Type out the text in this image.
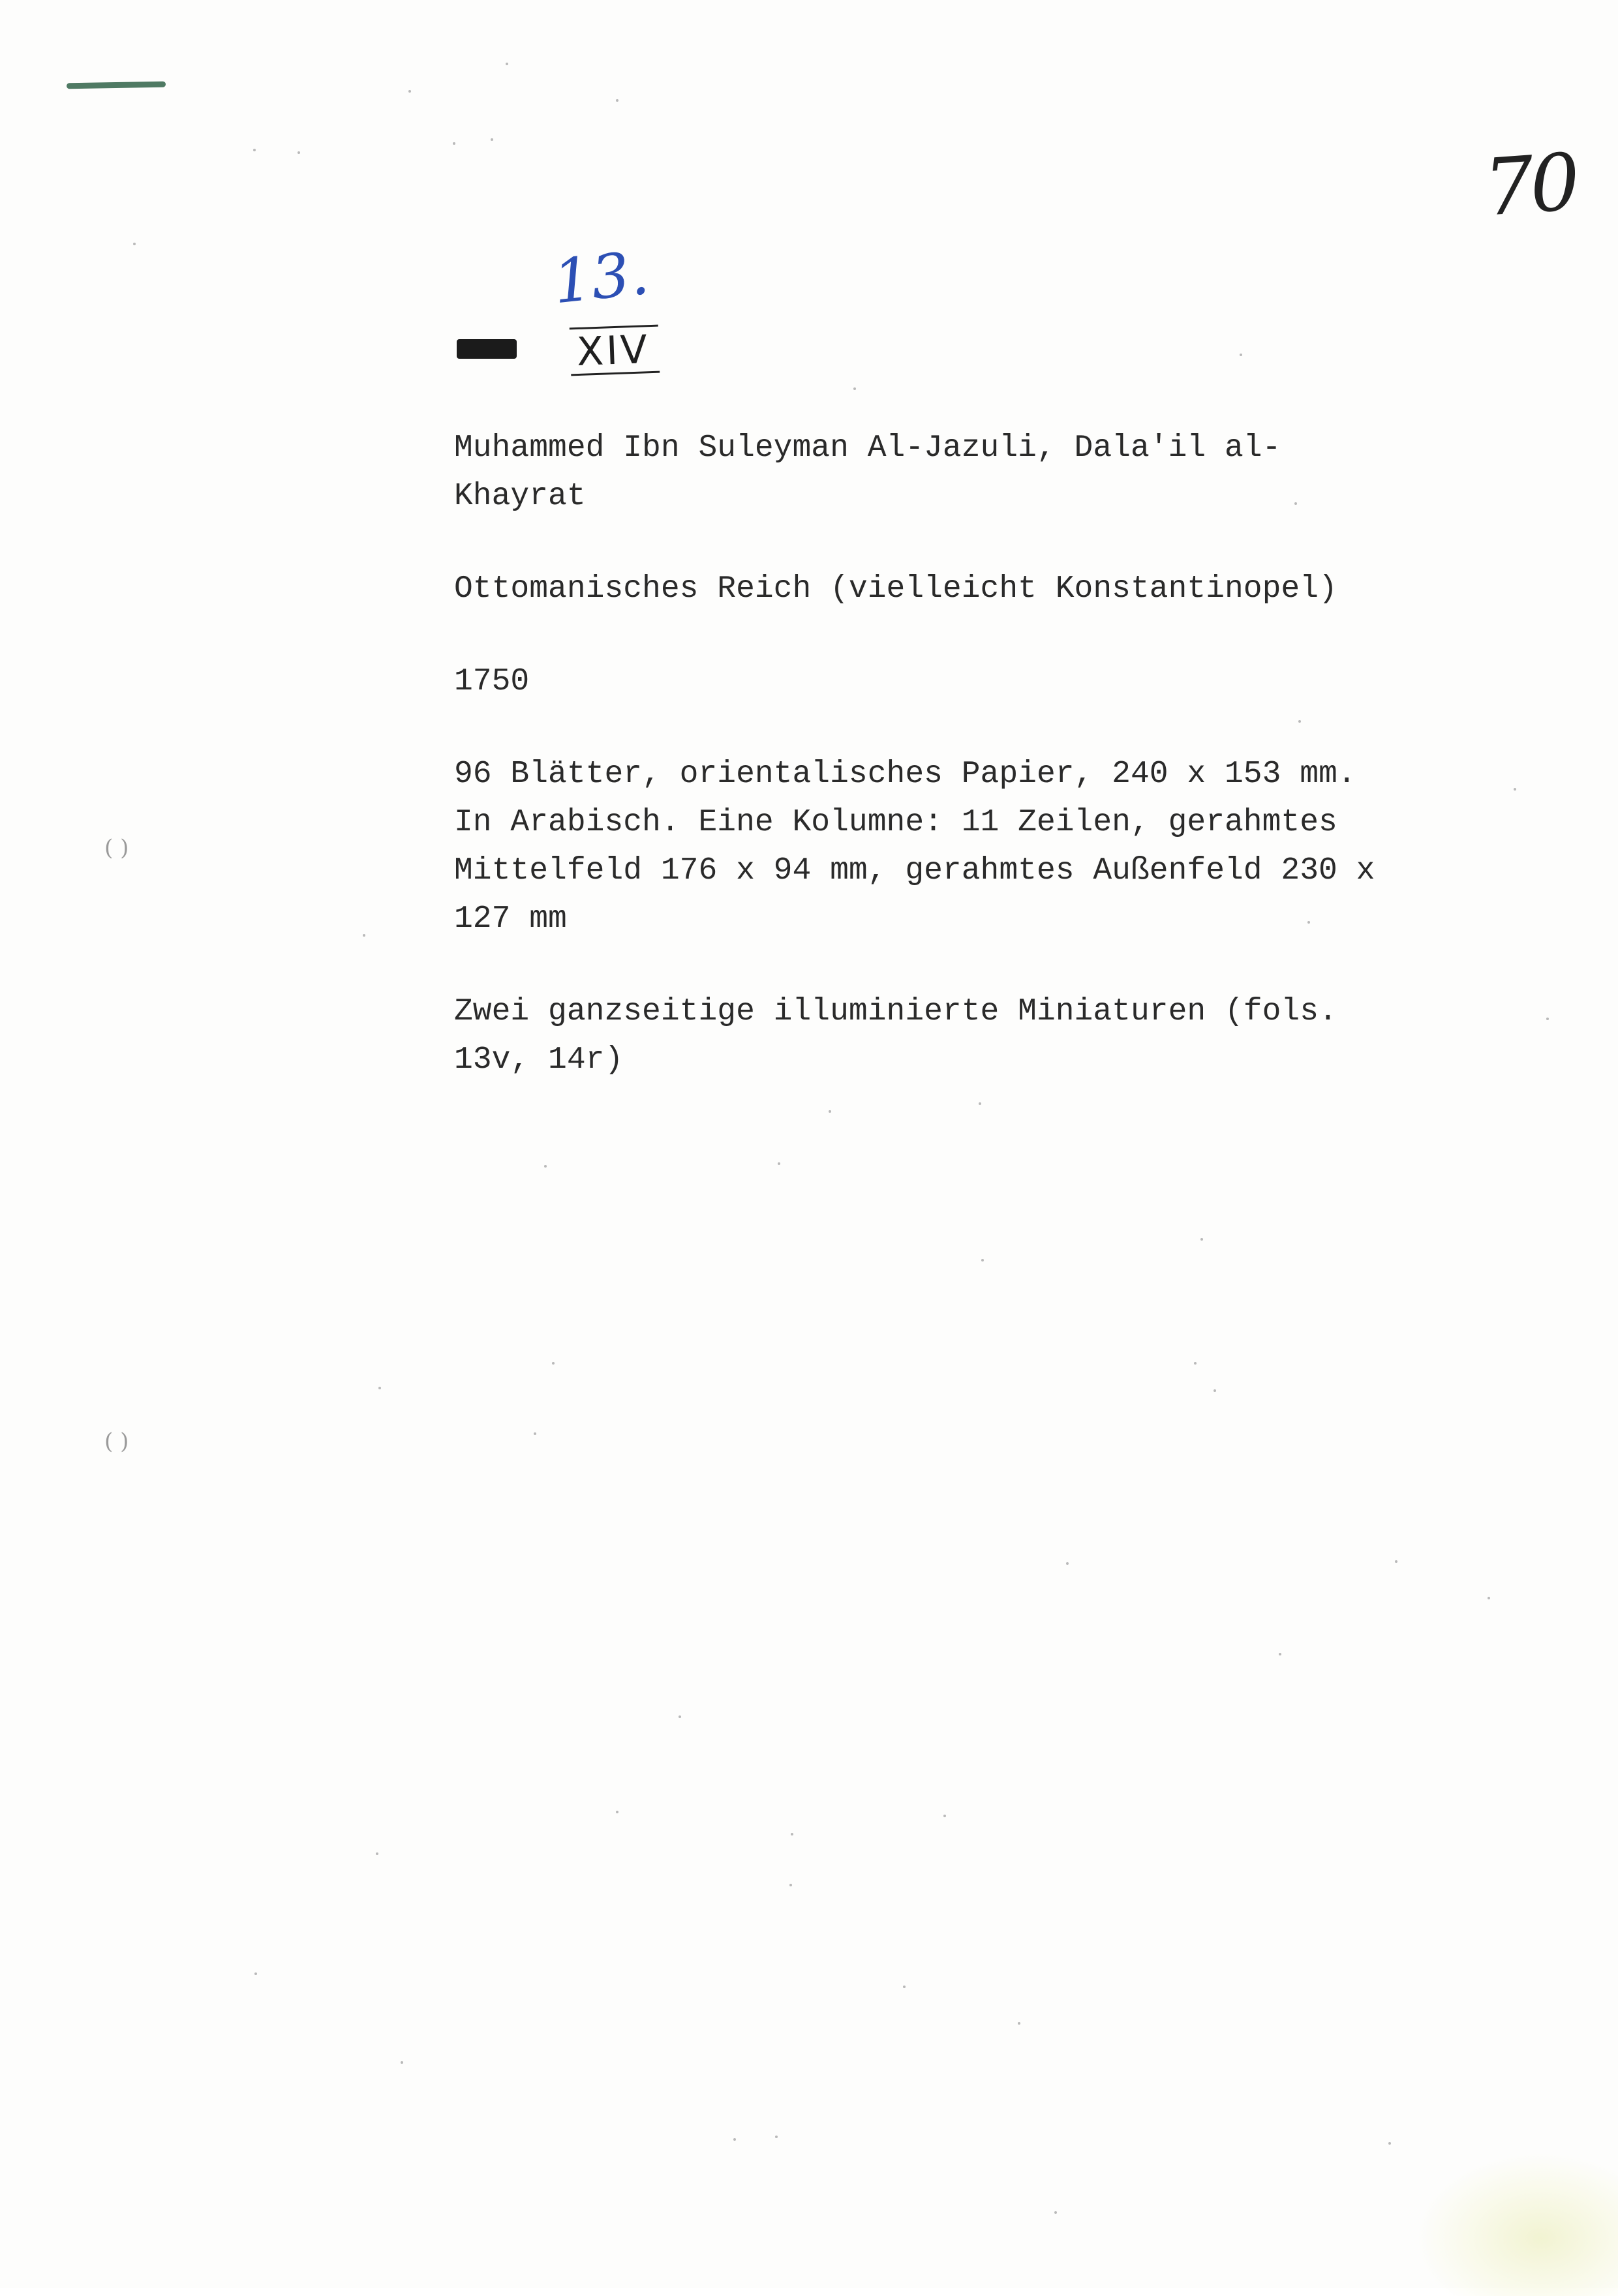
( )
( )
70
13.
XIV

Muhammed Ibn Suleyman Al-Jazuli, Dala'il al-
Khayrat

Ottomanisches Reich (vielleicht Konstantinopel)

1750

96 Blätter, orientalisches Papier, 240 x 153 mm.
In Arabisch. Eine Kolumne: 11 Zeilen, gerahmtes
Mittelfeld 176 x 94 mm, gerahmtes Außenfeld 230 x
127 mm

Zwei ganzseitige illuminierte Miniaturen (fols.
13v, 14r)
